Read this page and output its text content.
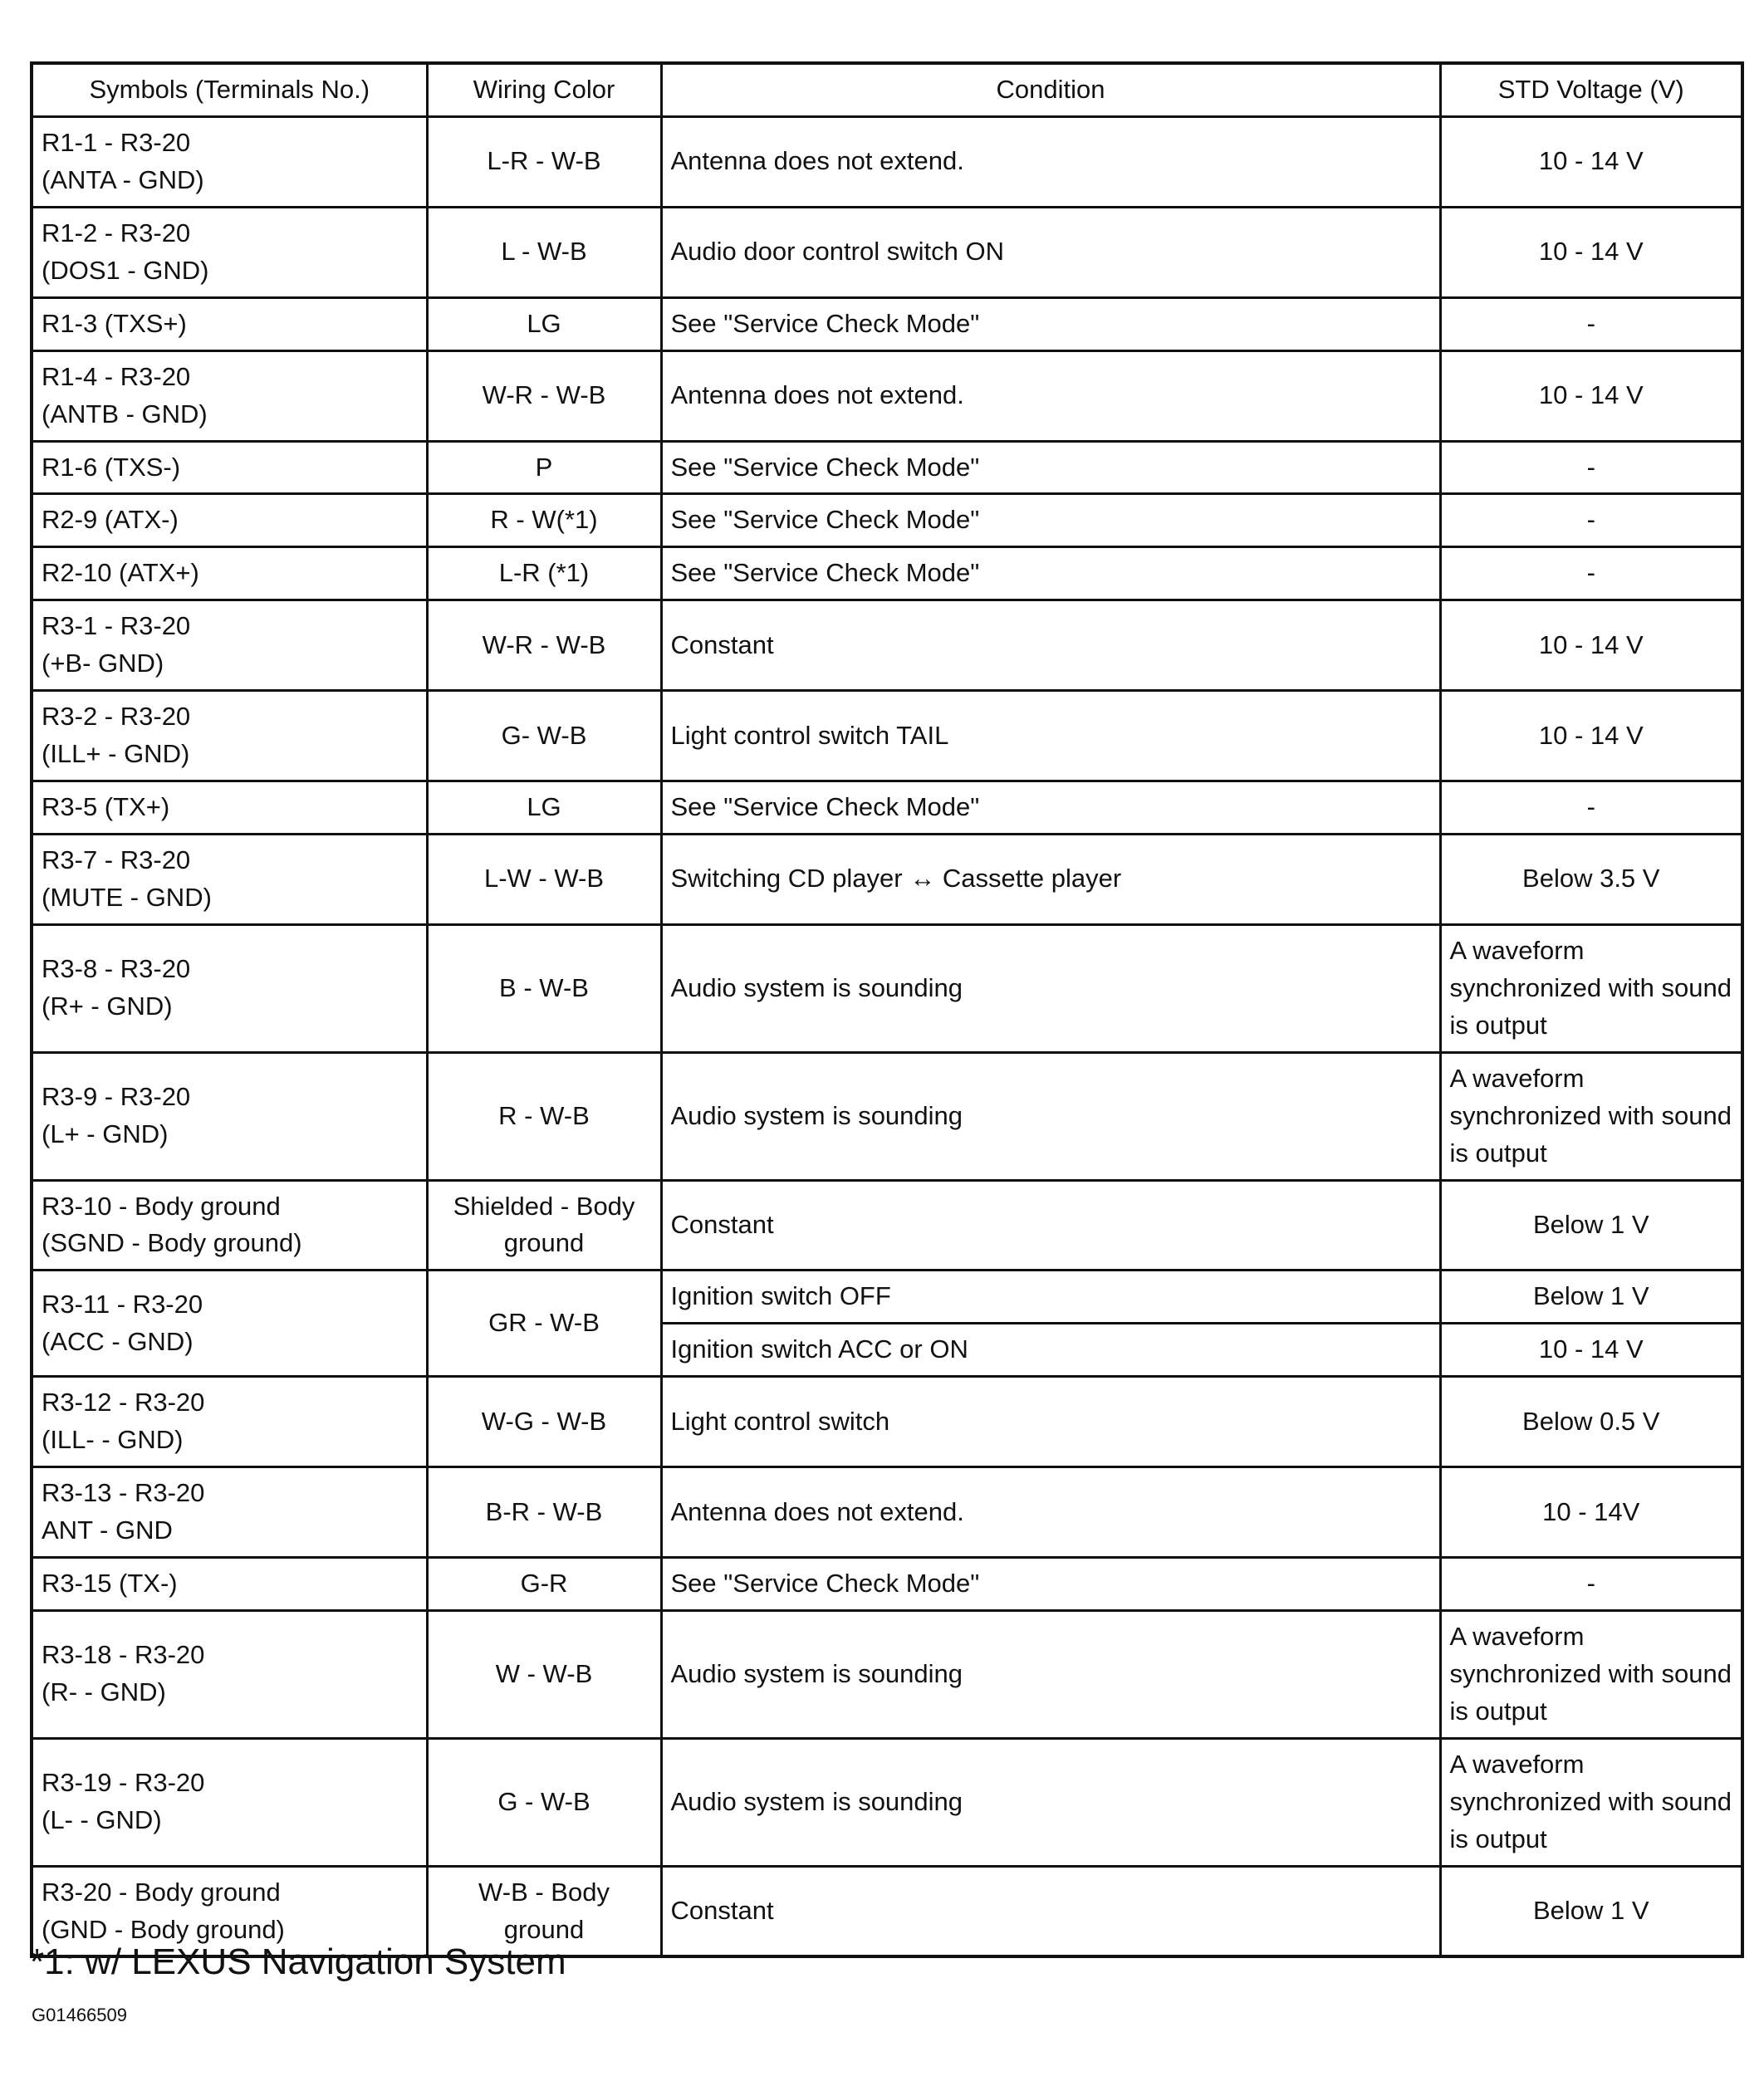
Symbols (Terminals No.)	Wiring Color	Condition	STD Voltage (V)
R1-1 - R3-20
(ANTA - GND)	L-R - W-B	Antenna does not extend.	10 - 14 V
R1-2 - R3-20
(DOS1 - GND)	L - W-B	Audio door control switch ON	10 - 14 V
R1-3 (TXS+)	LG	See "Service Check Mode"	-
R1-4 - R3-20
(ANTB - GND)	W-R - W-B	Antenna does not extend.	10 - 14 V
R1-6 (TXS-)	P	See "Service Check Mode"	-
R2-9 (ATX-)	R - W(*1)	See "Service Check Mode"	-
R2-10 (ATX+)	L-R (*1)	See "Service Check Mode"	-
R3-1 - R3-20
(+B- GND)	W-R - W-B	Constant	10 - 14 V
R3-2 - R3-20
(ILL+ - GND)	G- W-B	Light control switch TAIL	10 - 14 V
R3-5 (TX+)	LG	See "Service Check Mode"	-
R3-7 - R3-20
(MUTE - GND)	L-W - W-B	Switching CD player ↔ Cassette player	Below 3.5 V
R3-8 - R3-20
(R+ - GND)	B - W-B	Audio system is sounding	A waveform synchronized with sound is output
R3-9 - R3-20
(L+ - GND)	R - W-B	Audio system is sounding	A waveform synchronized with sound is output
R3-10 - Body ground
(SGND - Body ground)	Shielded - Body
ground	Constant	Below 1 V
R3-11 - R3-20
(ACC - GND)	GR - W-B	Ignition switch OFF	Below 1 V
		Ignition switch ACC or ON	10 - 14 V
R3-12 - R3-20
(ILL- - GND)	W-G - W-B	Light control switch	Below 0.5 V
R3-13 - R3-20
ANT - GND	B-R - W-B	Antenna does not extend.	10 - 14V
R3-15 (TX-)	G-R	See "Service Check Mode"	-
R3-18 - R3-20
(R- - GND)	W - W-B	Audio system is sounding	A waveform synchronized with sound is output
R3-19 - R3-20
(L- - GND)	G - W-B	Audio system is sounding	A waveform synchronized with sound is output
R3-20 - Body ground
(GND - Body ground)	W-B - Body
ground	Constant	Below 1 V
*1: w/ LEXUS Navigation System
G01466509
